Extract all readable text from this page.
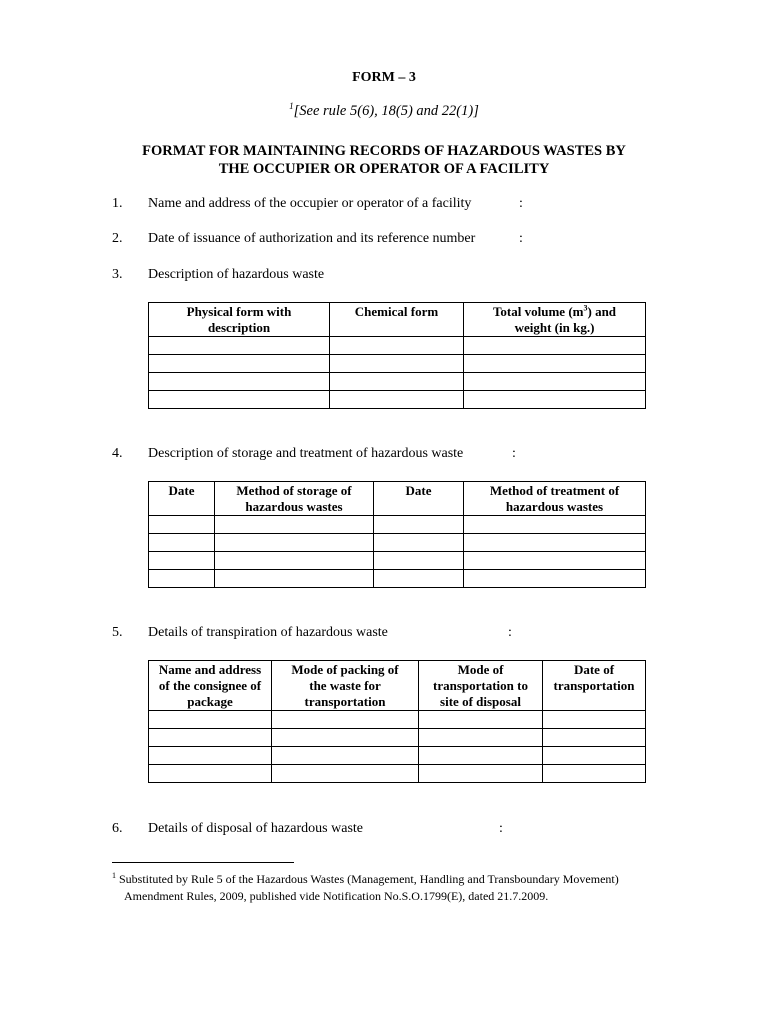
FORM – 3
$^1$[See rule 5(6), 18(5) and 22(1)]
FORMAT FOR MAINTAINING RECORDS OF HAZARDOUS WASTES BY
THE OCCUPIER OR OPERATOR OF A FACILITY
1. Name and address of the occupier or operator of a facility	:
2. Date of issuance of authorization and its reference number	:
3. Description of hazardous waste
Physical form with
description	Chemical form	Total volume $(m^3)$ and
weight (in kg.)

4. Description of storage and treatment of hazardous waste	:
Date	Method of storage of
hazardous wastes	Date	Method of treatment of
hazardous wastes

5. Details of transpiration of hazardous waste	:
Name and address
of the consignee of
package	Mode of packing of
the waste for
transportation	Mode of
transportation to
site of disposal	Date of
transportation

6. Details of disposal of hazardous waste	:
$^1$ Substituted by Rule 5 of the Hazardous Wastes (Management, Handling and Transboundary Movement)
Amendment Rules, 2009, published vide Notification No.S.O.1799(E), dated 21.7.2009.
